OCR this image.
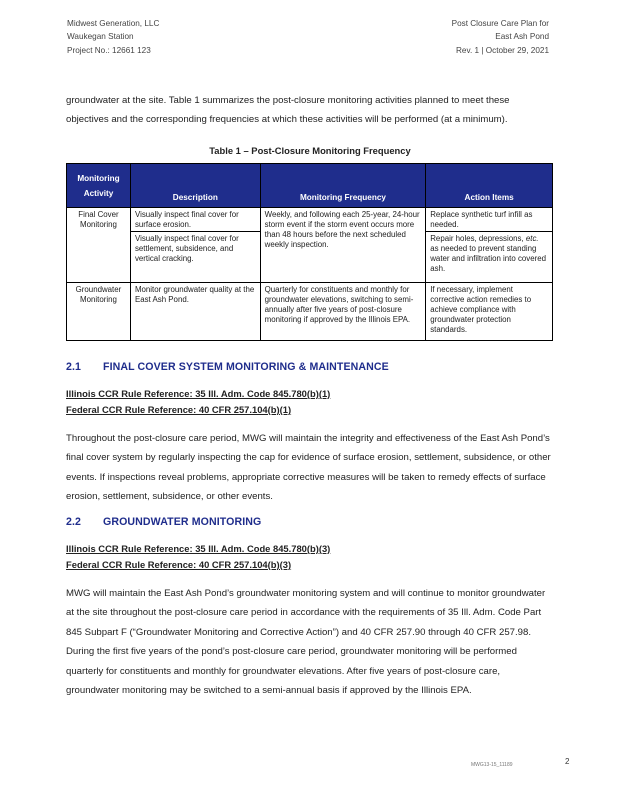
Midwest Generation, LLC
Waukegan Station
Project No.: 12661 123
Post Closure Care Plan for
East Ash Pond
Rev. 1 | October 29, 2021

groundwater at the site. Table 1 summarizes the post-closure monitoring activities planned to meet these objectives and the corresponding frequencies at which these activities will be performed (at a minimum).

Table 1 – Post-Closure Monitoring Frequency
Monitoring Activity	Description	Monitoring Frequency	Action Items
Final Cover Monitoring	Visually inspect final cover for surface erosion.	Weekly, and following each 25-year, 24-hour storm event if the storm event occurs more than 48 hours before the next scheduled weekly inspection.	Replace synthetic turf infill as needed.
	Visually inspect final cover for settlement, subsidence, and vertical cracking.		Repair holes, depressions, etc. as needed to prevent standing water and infiltration into covered ash.
Groundwater Monitoring	Monitor groundwater quality at the East Ash Pond.	Quarterly for constituents and monthly for groundwater elevations, switching to semi-annually after five years of post-closure monitoring if approved by the Illinois EPA.	If necessary, implement corrective action remedies to achieve compliance with groundwater protection standards.
2.1 FINAL COVER SYSTEM MONITORING & MAINTENANCE
Illinois CCR Rule Reference: 35 Ill. Adm. Code 845.780(b)(1)
Federal CCR Rule Reference: 40 CFR 257.104(b)(1)

Throughout the post-closure care period, MWG will maintain the integrity and effectiveness of the East Ash Pond’s final cover system by regularly inspecting the cap for evidence of surface erosion, settlement, subsidence, or other events. If inspections reveal problems, appropriate corrective measures will be taken to remedy effects of surface erosion, settlement, subsidence, or other events.

2.2 GROUNDWATER MONITORING
Illinois CCR Rule Reference: 35 Ill. Adm. Code 845.780(b)(3)
Federal CCR Rule Reference: 40 CFR 257.104(b)(3)

MWG will maintain the East Ash Pond’s groundwater monitoring system and will continue to monitor groundwater at the site throughout the post-closure care period in accordance with the requirements of 35 Ill. Adm. Code Part 845 Subpart F (“Groundwater Monitoring and Corrective Action”) and 40 CFR 257.90 through 40 CFR 257.98. During the first five years of the pond’s post-closure care period, groundwater monitoring will be performed quarterly for constituents and monthly for groundwater elevations. After five years of post-closure care, groundwater monitoring may be switched to a semi-annual basis if approved by the Illinois EPA.

MWG13-15_11189	2
